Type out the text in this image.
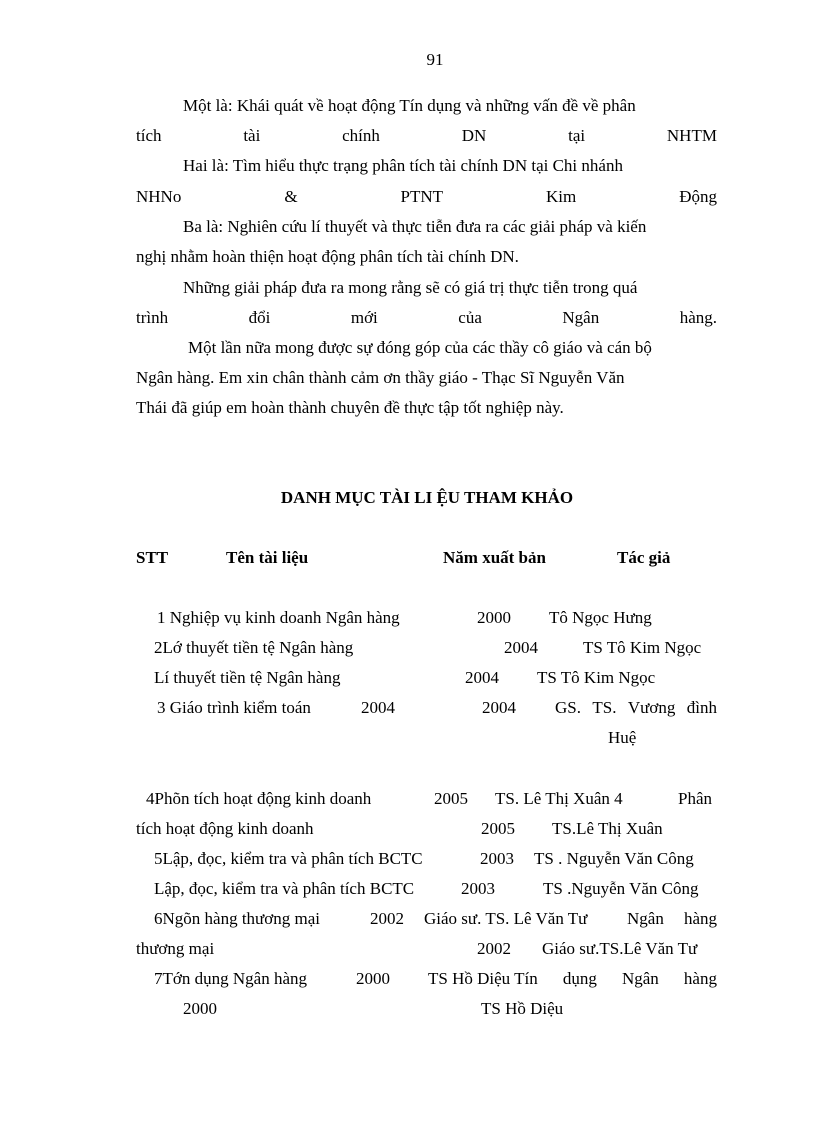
91
Một là: Khái quát về hoạt động Tín dụng và những vấn đề về phân
tích	tài	chính	DN	tại	NHTM
Hai là: Tìm hiểu thực trạng phân tích tài chính DN tại Chi nhánh
NHNo	&	PTNT	Kim	Động
Ba là: Nghiên cứu lí thuyết và thực tiễn đưa ra các giải pháp và kiến
nghị nhằm hoàn thiện hoạt động phân tích tài chính DN.
Những giải pháp đưa ra mong rằng sẽ có giá trị thực tiễn trong quá
trình	đổi	mới	của	Ngân	hàng.
Một lần nữa mong được sự đóng góp của các thầy cô giáo và cán bộ
Ngân hàng. Em xin chân thành cảm ơn thầy giáo - Thạc Sĩ Nguyễn Văn
Thái đã giúp em hoàn thành chuyên đề thực tập tốt nghiệp này.
DANH MỤC TÀI LI ỆU THAM KHẢO
STT	Tên tài liệu	Năm xuất bản	Tác giả
1 Nghiệp vụ kinh doanh Ngân hàng	2000 Tô Ngọc Hưng
2Lớ thuyết tiền tệ Ngân hàng	2004	TS Tô Kim Ngọc
Lí thuyết tiền tệ Ngân hàng	2004 TS Tô Kim Ngọc
3 Giáo trình kiểm toán	2004	2004 GS. TS. Vương đình
Huệ
4Phõn tích hoạt động kinh doanh	2005 TS. Lê Thị Xuân 4	Phân
tích hoạt động kinh doanh	2005 TS.Lê Thị Xuân
5Lập, đọc, kiểm tra và phân tích BCTC	2003 TS . Nguyễn Văn Công
Lập, đọc, kiểm tra và phân tích BCTC	2003	TS .Nguyễn Văn Công
6Ngõn hàng thương mại	2002 Giáo sư. TS. Lê Văn Tư Ngân hàng
thương mại	2002 Giáo sư.TS.Lê Văn Tư
7Tớn dụng Ngân hàng	2000 TS Hồ Diệu Tín dụng Ngân hàng
2000	TS Hồ Diệu
